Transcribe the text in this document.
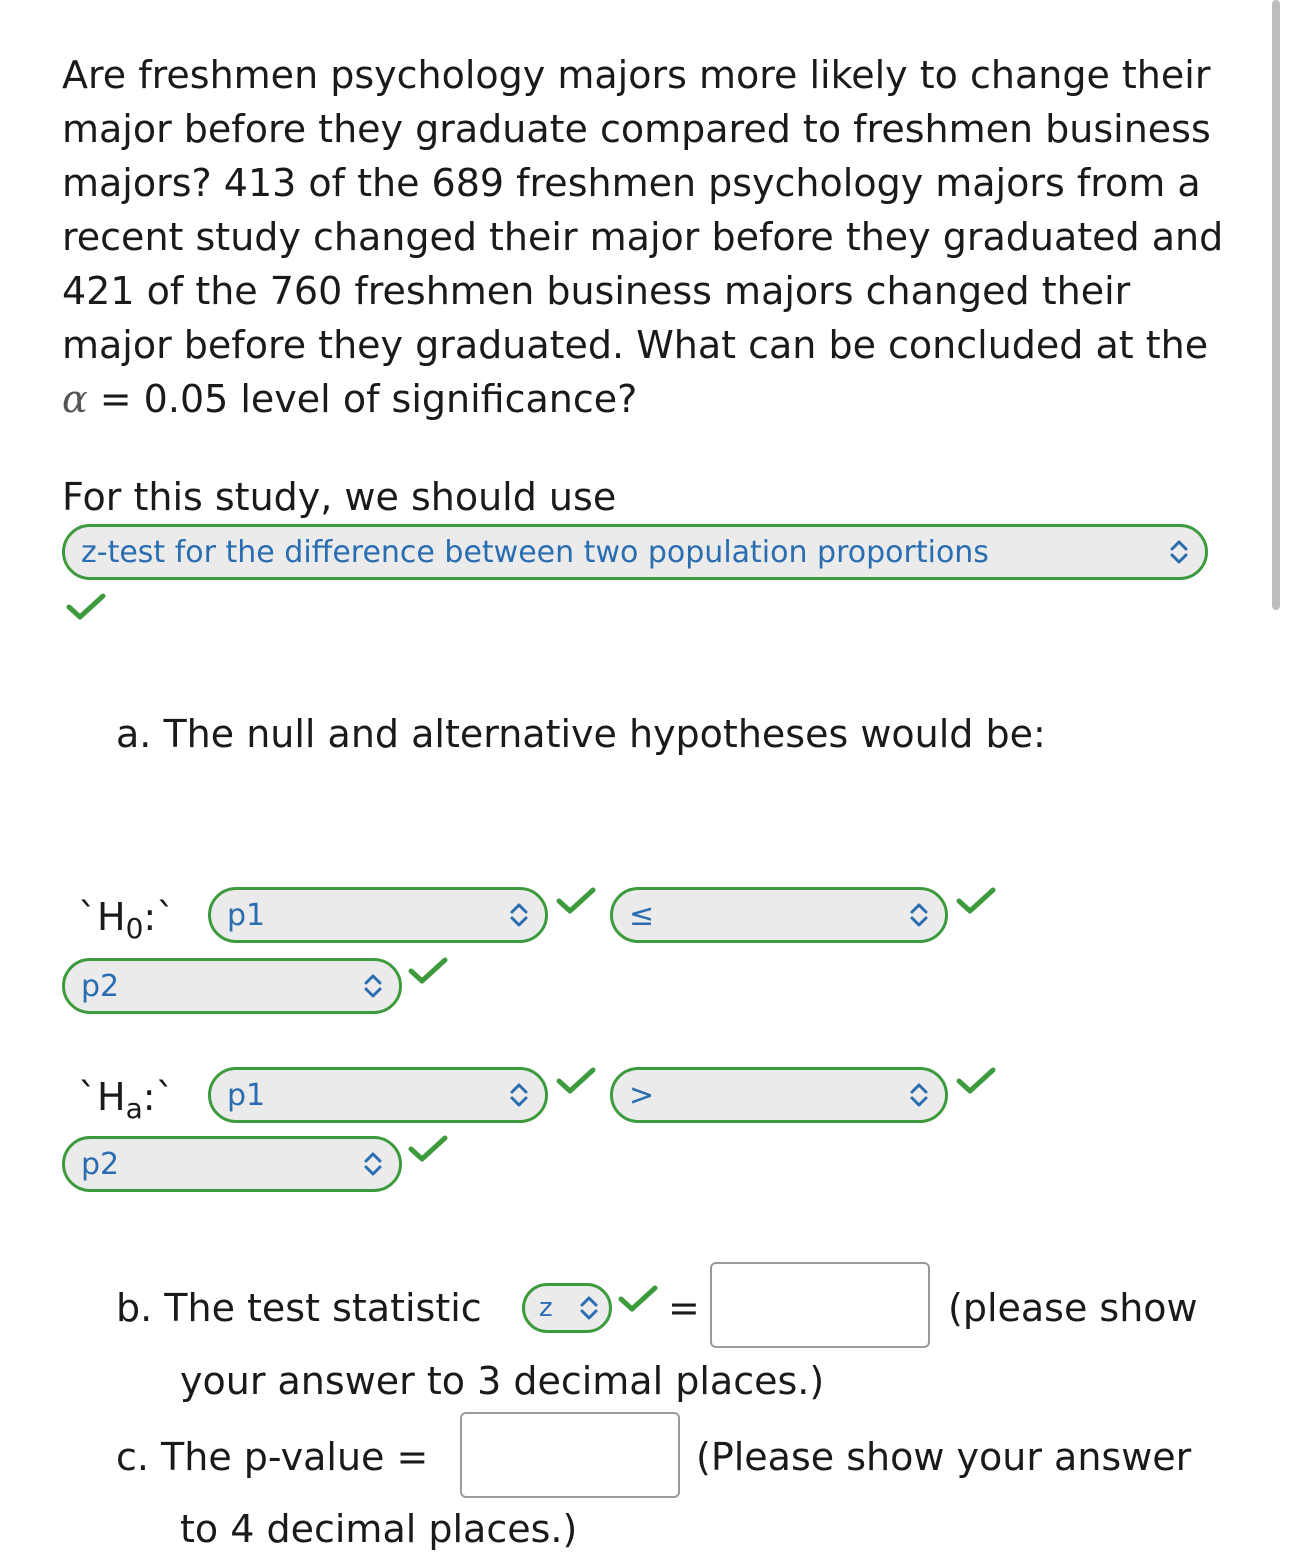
Are freshmen psychology majors more likely to change their major before they graduate compared to freshmen business majors? 413 of the 689 freshmen psychology majors from a recent study changed their major before they graduated and 421 of the 760 freshmen business majors changed their major before they graduated. What can be concluded at the α = 0.05 level of significance?

For this study, we should use
z-test for the difference between two population proportions
a. The null and alternative hypotheses would be:
$`H_0:`$ p1	≤
p2
$`H_a:`$ p1	>
p2
b. The test statistic z	=	(please show
your answer to 3 decimal places.)
c. The p-value =	(Please show your answer
to 4 decimal places.)
